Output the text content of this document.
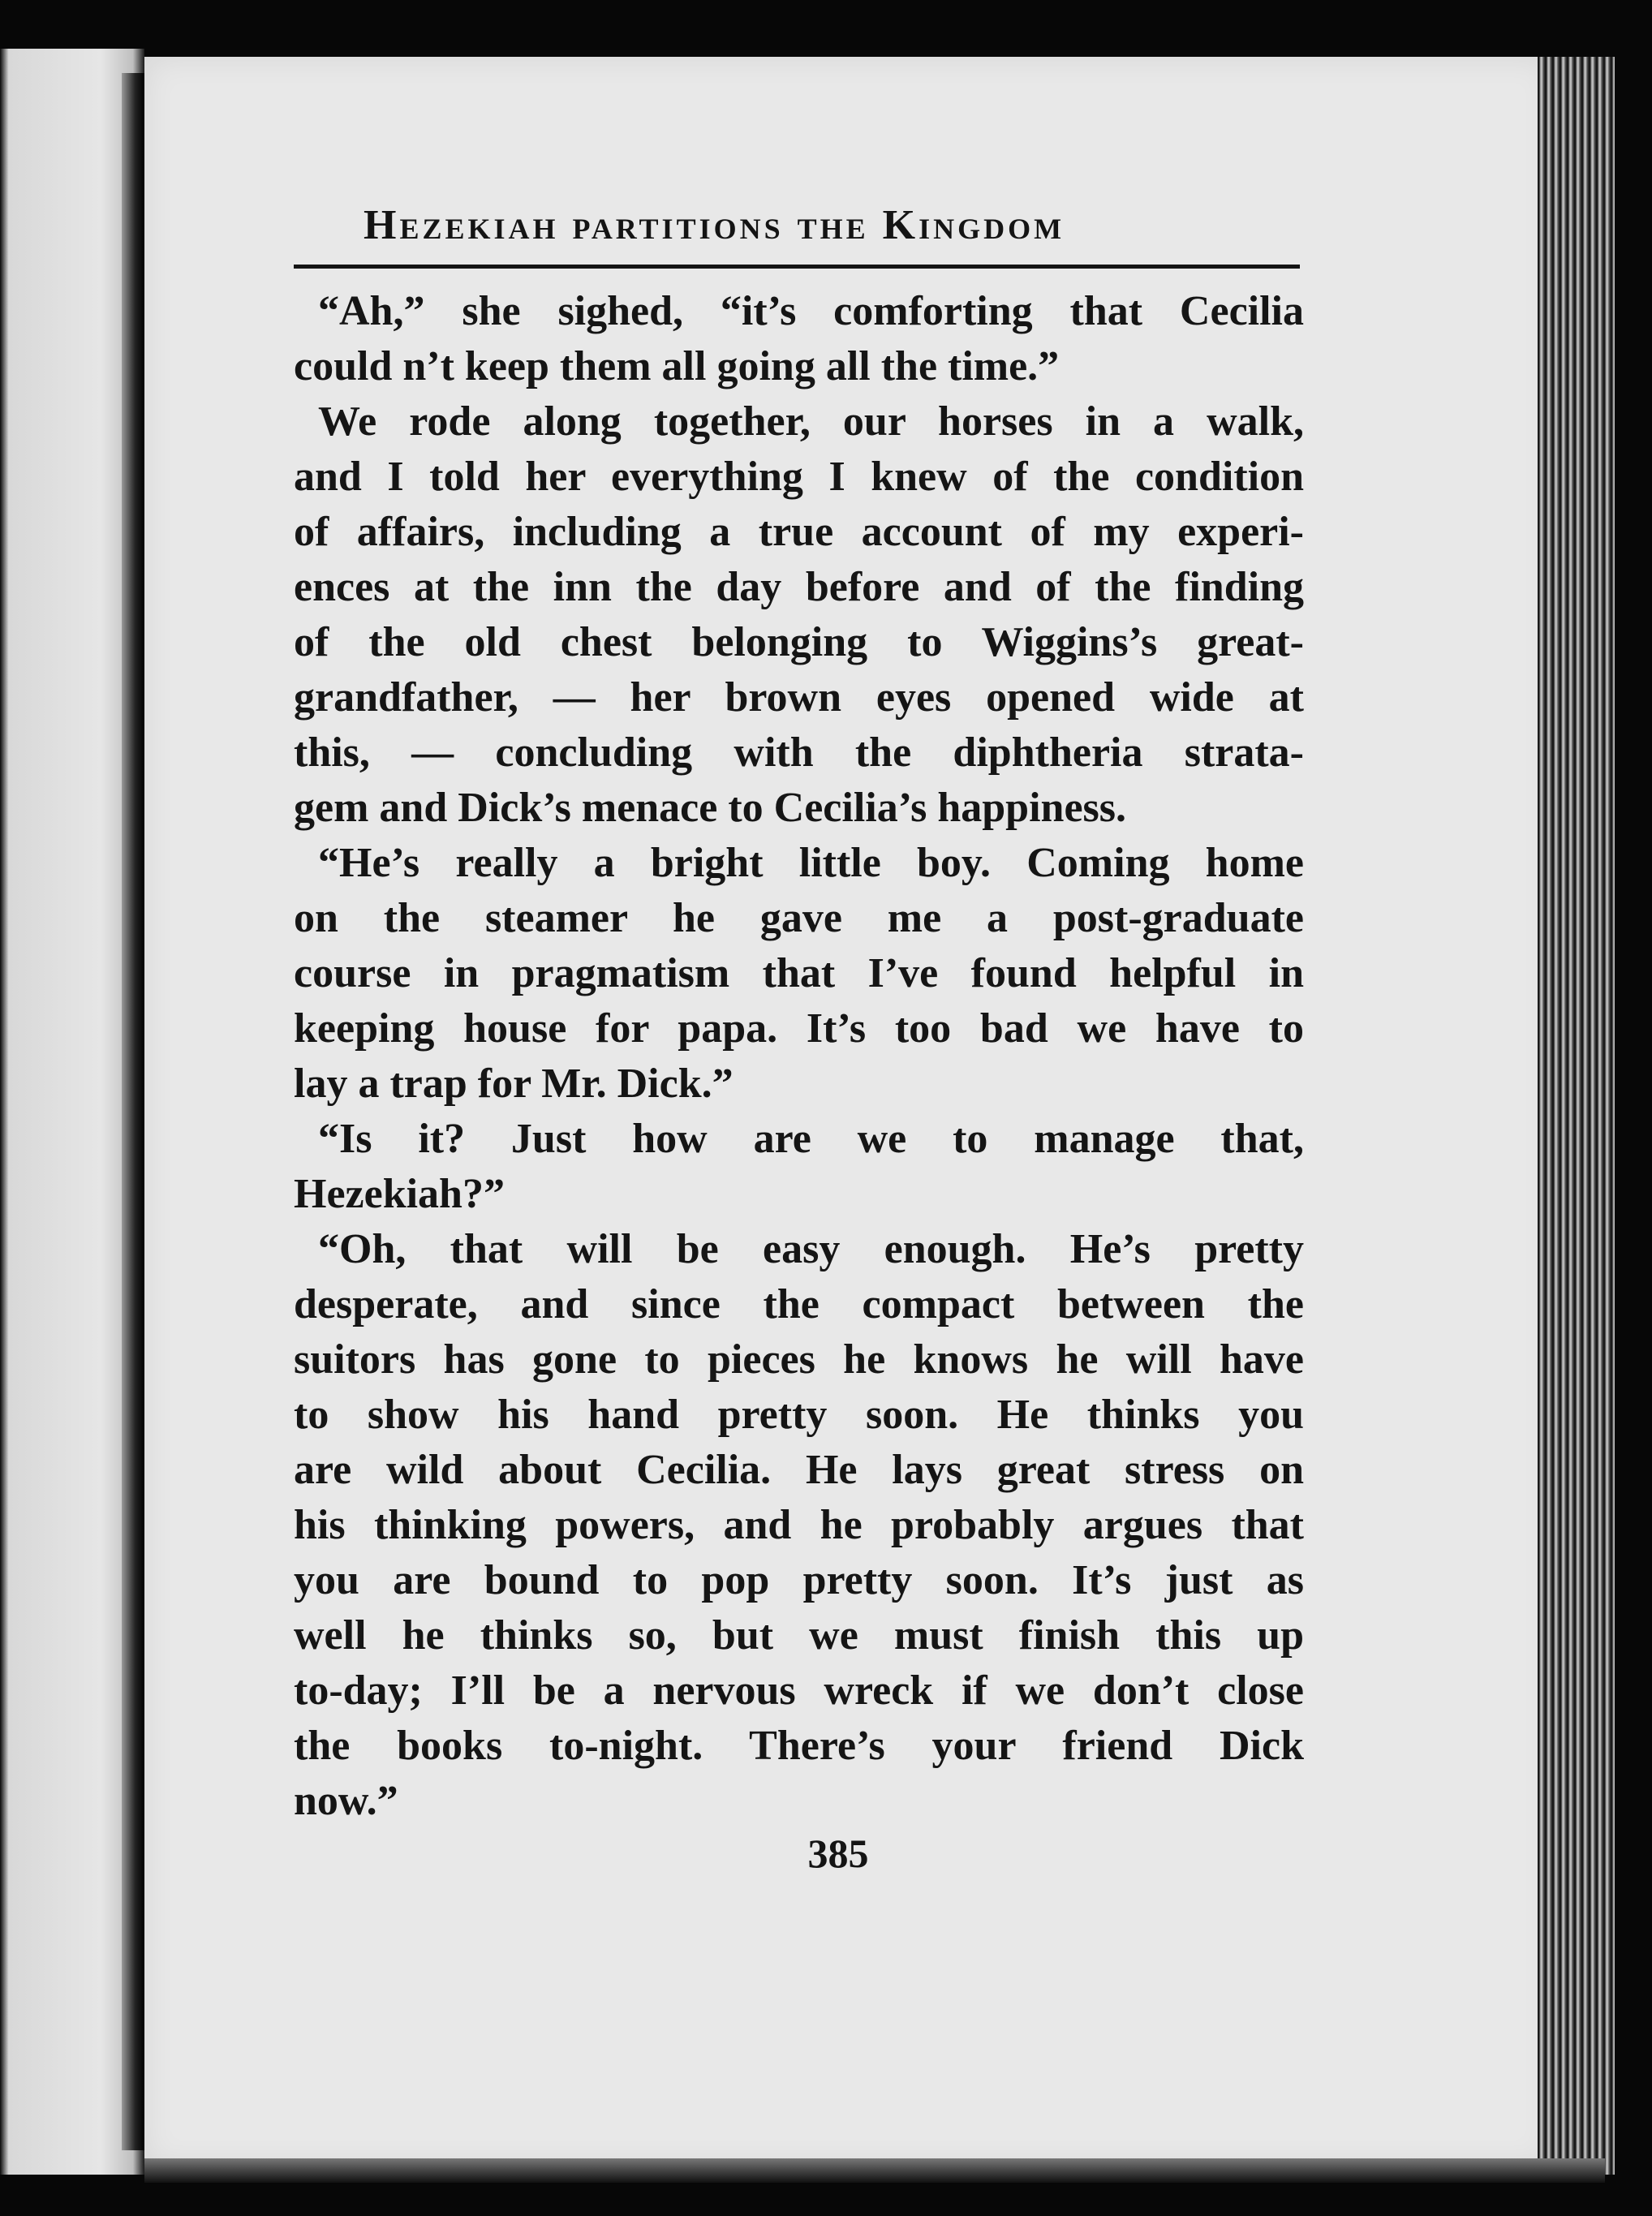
Hezekiah partitions the Kingdom
“Ah,” she sighed, “it’s comforting that Cecilia
could n’t keep them all going all the time.”
We rode along together, our horses in a walk,
and I told her everything I knew of the condition
of affairs, including a true account of my experi-
ences at the inn the day before and of the finding
of the old chest belonging to Wiggins’s great-
grandfather, — her brown eyes opened wide at
this, — concluding with the diphtheria strata-
gem and Dick’s menace to Cecilia’s happiness.
“He’s really a bright little boy. Coming home
on the steamer he gave me a post-graduate
course in pragmatism that I’ve found helpful in
keeping house for papa. It’s too bad we have to
lay a trap for Mr. Dick.”
“Is it? Just how are we to manage that,
Hezekiah?”
“Oh, that will be easy enough. He’s pretty
desperate, and since the compact between the
suitors has gone to pieces he knows he will have
to show his hand pretty soon. He thinks you
are wild about Cecilia. He lays great stress on
his thinking powers, and he probably argues that
you are bound to pop pretty soon. It’s just as
well he thinks so, but we must finish this up
to-day; I’ll be a nervous wreck if we don’t close
the books to-night. There’s your friend Dick
now.”
385
